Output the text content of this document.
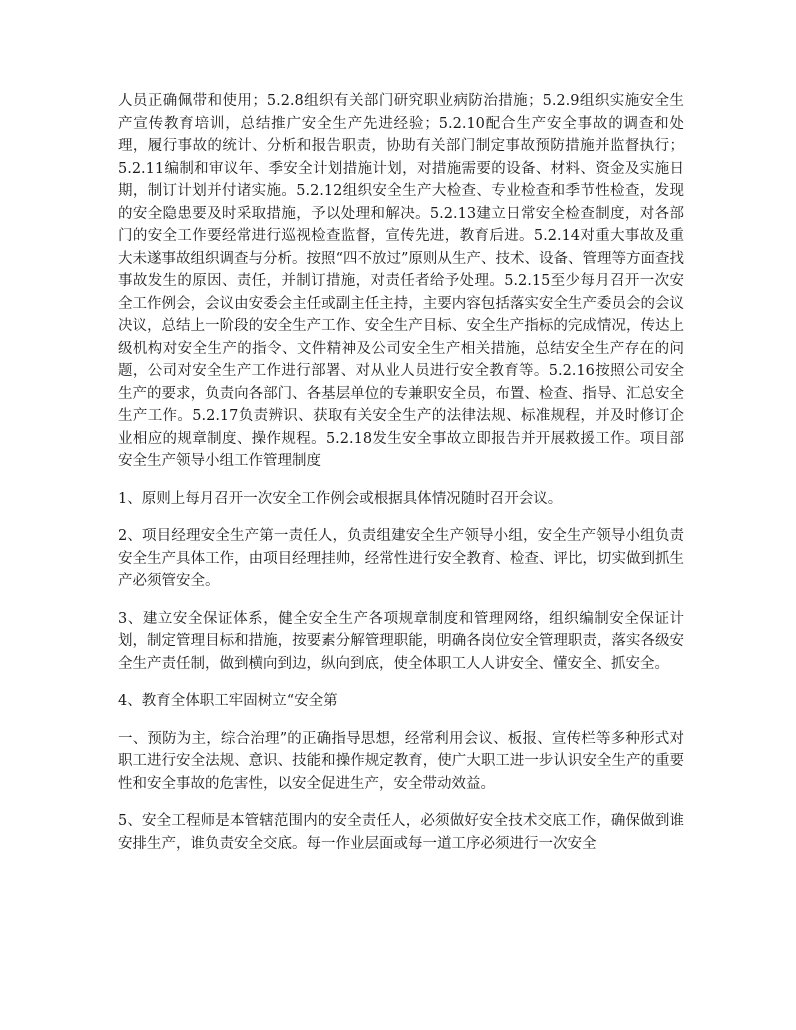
人员正确佩带和使用；5.2.8组织有关部门研究职业病防治措施；5.2.9组织实施安全生产宣传教育培训，总结推广安全生产先进经验；5.2.10配合生产安全事故的调查和处理，履行事故的统计、分析和报告职责，协助有关部门制定事故预防措施并监督执行；5.2.11编制和审议年、季安全计划措施计划，对措施需要的设备、材料、资金及实施日期，制订计划并付诸实施。5.2.12组织安全生产大检查、专业检查和季节性检查，发现的安全隐患要及时采取措施，予以处理和解决。5.2.13建立日常安全检查制度，对各部门的安全工作要经常进行巡视检查监督，宣传先进，教育后进。5.2.14对重大事故及重大未遂事故组织调查与分析。按照“四不放过”原则从生产、技术、设备、管理等方面查找事故发生的原因、责任，并制订措施，对责任者给予处理。5.2.15至少每月召开一次安全工作例会，会议由安委会主任或副主任主持，主要内容包括落实安全生产委员会的会议决议，总结上一阶段的安全生产工作、安全生产目标、安全生产指标的完成情况，传达上级机构对安全生产的指令、文件精神及公司安全生产相关措施，总结安全生产存在的问题，公司对安全生产工作进行部署、对从业人员进行安全教育等。5.2.16按照公司安全生产的要求，负责向各部门、各基层单位的专兼职安全员，布置、检查、指导、汇总安全生产工作。5.2.17负责辨识、获取有关安全生产的法律法规、标准规程，并及时修订企业相应的规章制度、操作规程。5.2.18发生安全事故立即报告并开展救援工作。项目部安全生产领导小组工作管理制度

1、原则上每月召开一次安全工作例会或根据具体情况随时召开会议。

2、项目经理安全生产第一责任人，负责组建安全生产领导小组，安全生产领导小组负责安全生产具体工作，由项目经理挂帅，经常性进行安全教育、检查、评比，切实做到抓生产必须管安全。

3、建立安全保证体系，健全安全生产各项规章制度和管理网络，组织编制安全保证计划，制定管理目标和措施，按要素分解管理职能，明确各岗位安全管理职责，落实各级安全生产责任制，做到横向到边，纵向到底，使全体职工人人讲安全、懂安全、抓安全。

4、教育全体职工牢固树立“安全第

一、预防为主，综合治理”的正确指导思想，经常利用会议、板报、宣传栏等多种形式对职工进行安全法规、意识、技能和操作规定教育，使广大职工进一步认识安全生产的重要性和安全事故的危害性，以安全促进生产，安全带动效益。

5、安全工程师是本管辖范围内的安全责任人，必须做好安全技术交底工作，确保做到谁安排生产，谁负责安全交底。每一作业层面或每一道工序必须进行一次安全
